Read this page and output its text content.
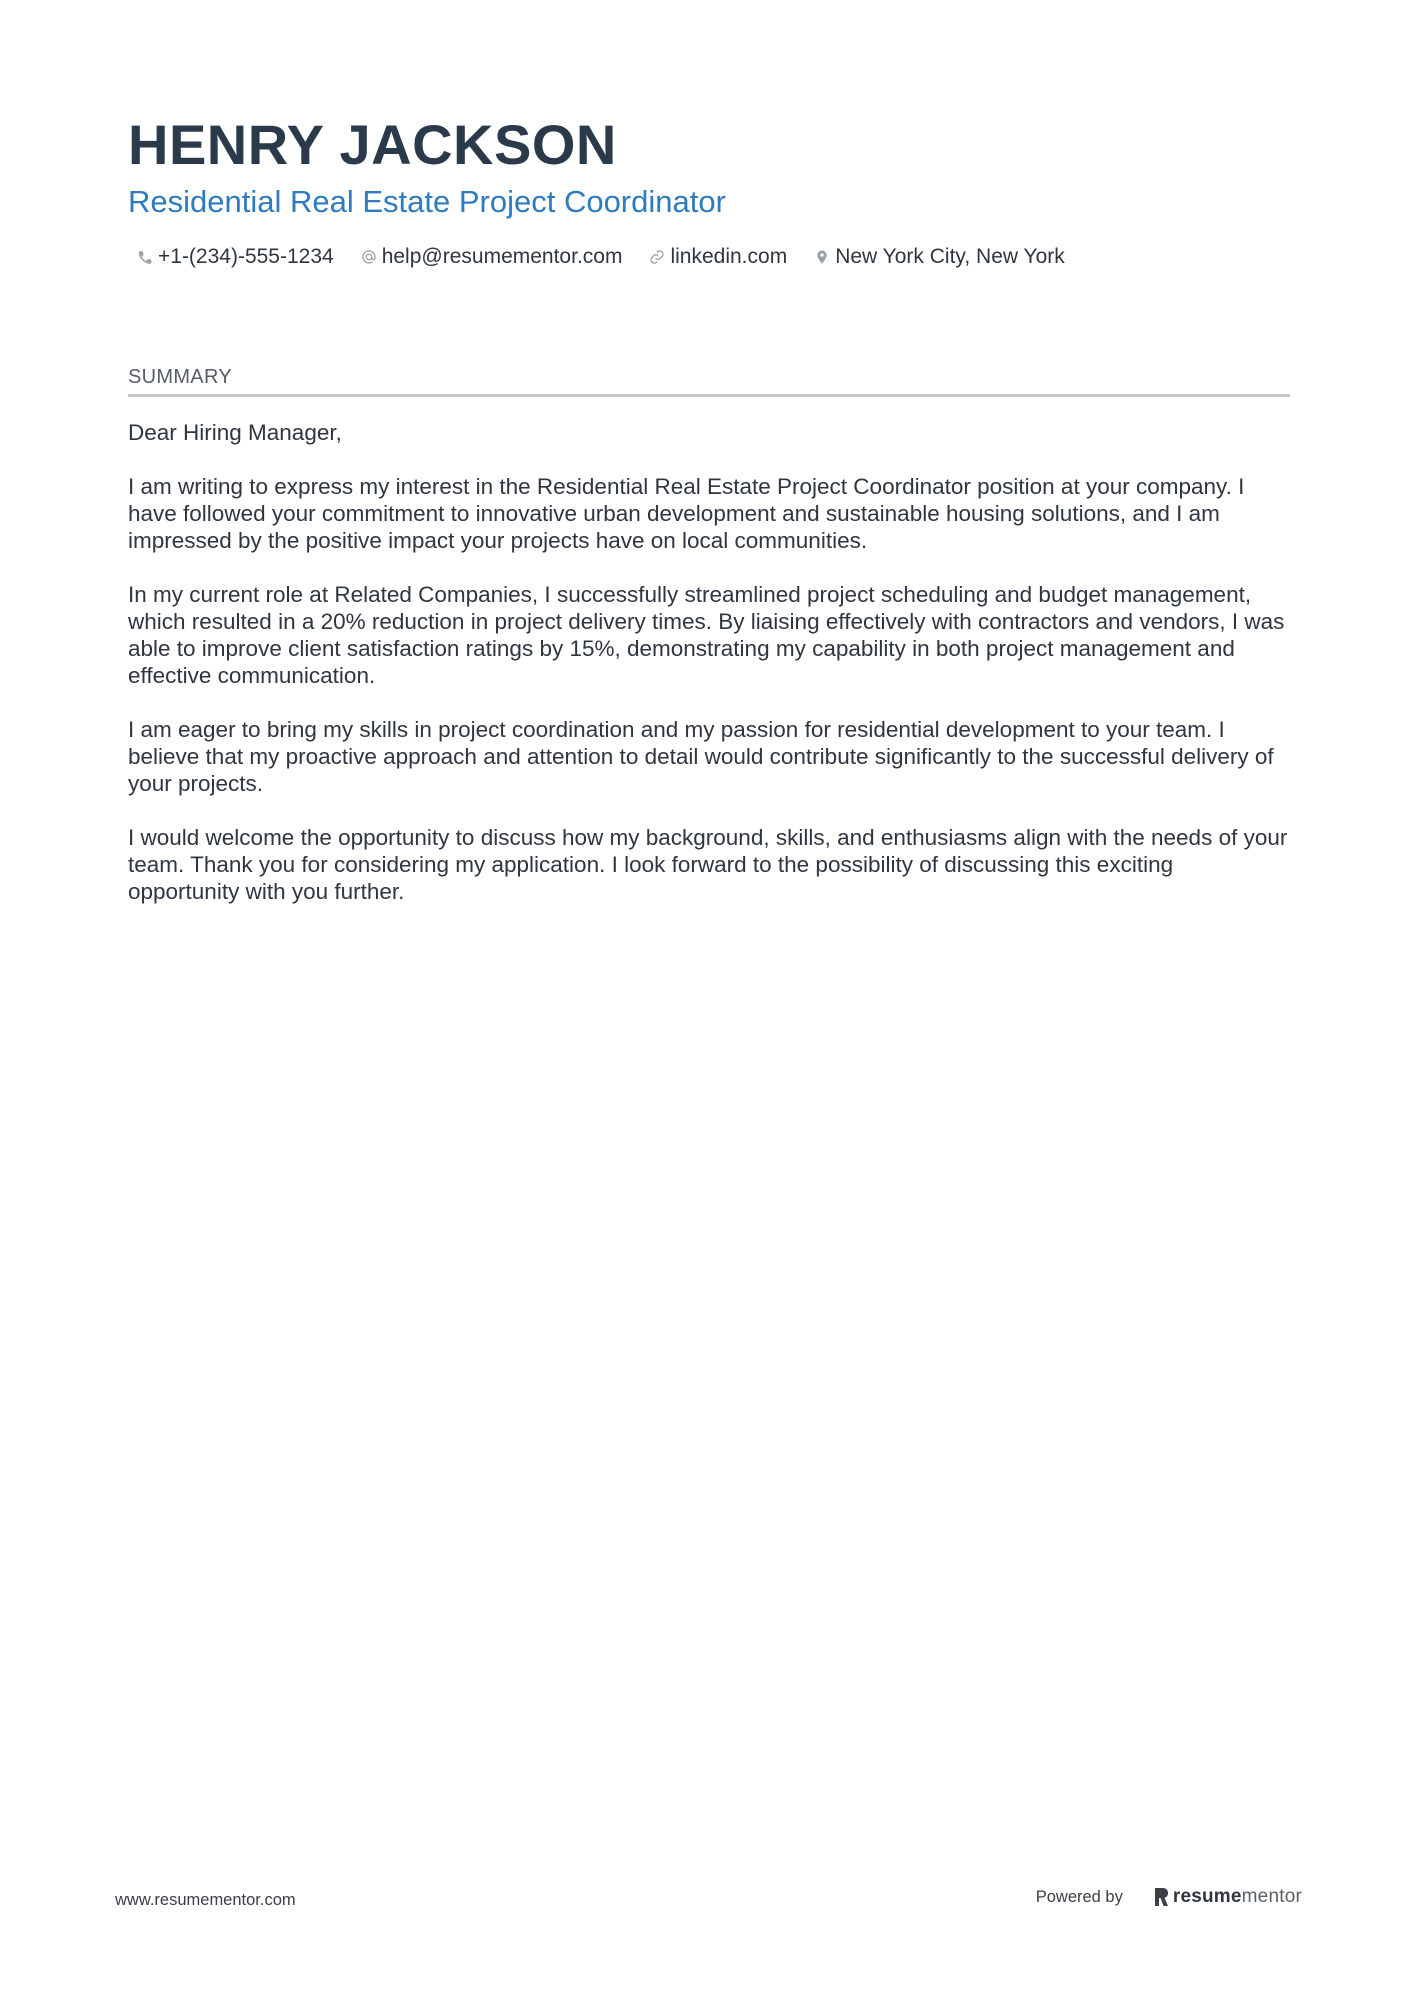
HENRY JACKSON
Residential Real Estate Project Coordinator
+1-(234)-555-1234 help@resumementor.com linkedin.com New York City, New York
SUMMARY

Dear Hiring Manager,

I am writing to express my interest in the Residential Real Estate Project Coordinator position at your company. I have followed your commitment to innovative urban development and sustainable housing solutions, and I am impressed by the positive impact your projects have on local communities.

In my current role at Related Companies, I successfully streamlined project scheduling and budget management, which resulted in a 20% reduction in project delivery times. By liaising effectively with contractors and vendors, I was able to improve client satisfaction ratings by 15%, demonstrating my capability in both project management and effective communication.

I am eager to bring my skills in project coordination and my passion for residential development to your team. I believe that my proactive approach and attention to detail would contribute significantly to the successful delivery of your projects.

I would welcome the opportunity to discuss how my background, skills, and enthusiasms align with the needs of your team. Thank you for considering my application. I look forward to the possibility of discussing this exciting opportunity with you further.

www.resumementor.com	Powered by	resume mentor
